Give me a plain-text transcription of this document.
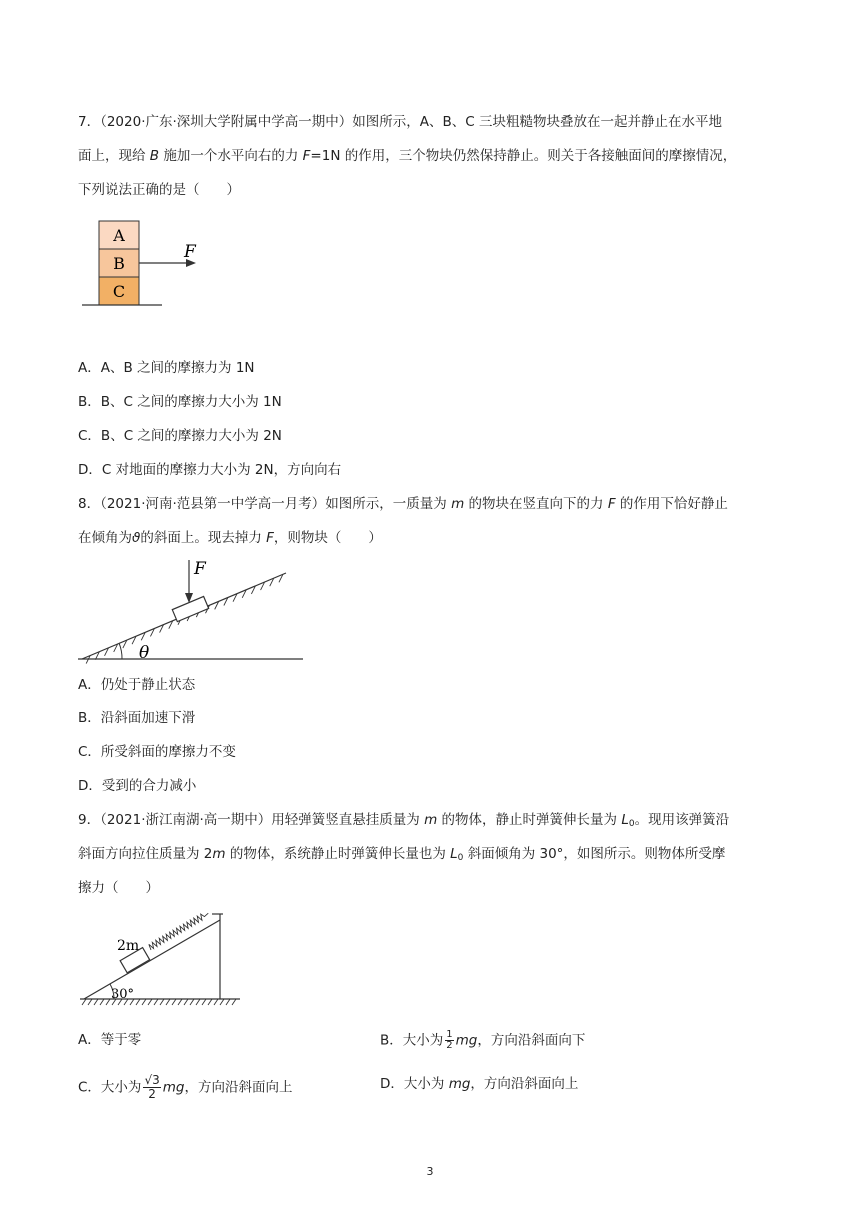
7．（2020·广东·深圳大学附属中学高一期中）如图所示，A、B、C 三块粗糙物块叠放在一起并静止在水平地
面上，现给 B 施加一个水平向右的力 F=1N 的作用，三个物块仍然保持静止。则关于各接触面间的摩擦情况，
下列说法正确的是（　　）
A
B
C
F
A．A、B 之间的摩擦力为 1N
B．B、C 之间的摩擦力大小为 1N
C．B、C 之间的摩擦力大小为 2N
D．C 对地面的摩擦力大小为 2N，方向向右
8．（2021·河南·范县第一中学高一月考）如图所示，一质量为 m 的物块在竖直向下的力 F 的作用下恰好静止
在倾角为ϑ的斜面上。现去掉力 F，则物块（　　）
θ
F
A．仍处于静止状态
B．沿斜面加速下滑
C．所受斜面的摩擦力不变
D．受到的合力减小
9．（2021·浙江南湖·高一期中）用轻弹簧竖直悬挂质量为 m 的物体，静止时弹簧伸长量为 $L_0$。现用该弹簧沿
斜面方向拉住质量为 2m 的物体，系统静止时弹簧伸长量也为 $L_0$ 斜面倾角为 30°，如图所示。则物体所受摩
擦力（　　）
30°
2m
A．等于零	B．大小为 $\frac{1}{2}$ mg，方向沿斜面向下
C．大小为 $\frac{√3}{2}$ mg，方向沿斜面向上	D．大小为 mg，方向沿斜面向上
3
